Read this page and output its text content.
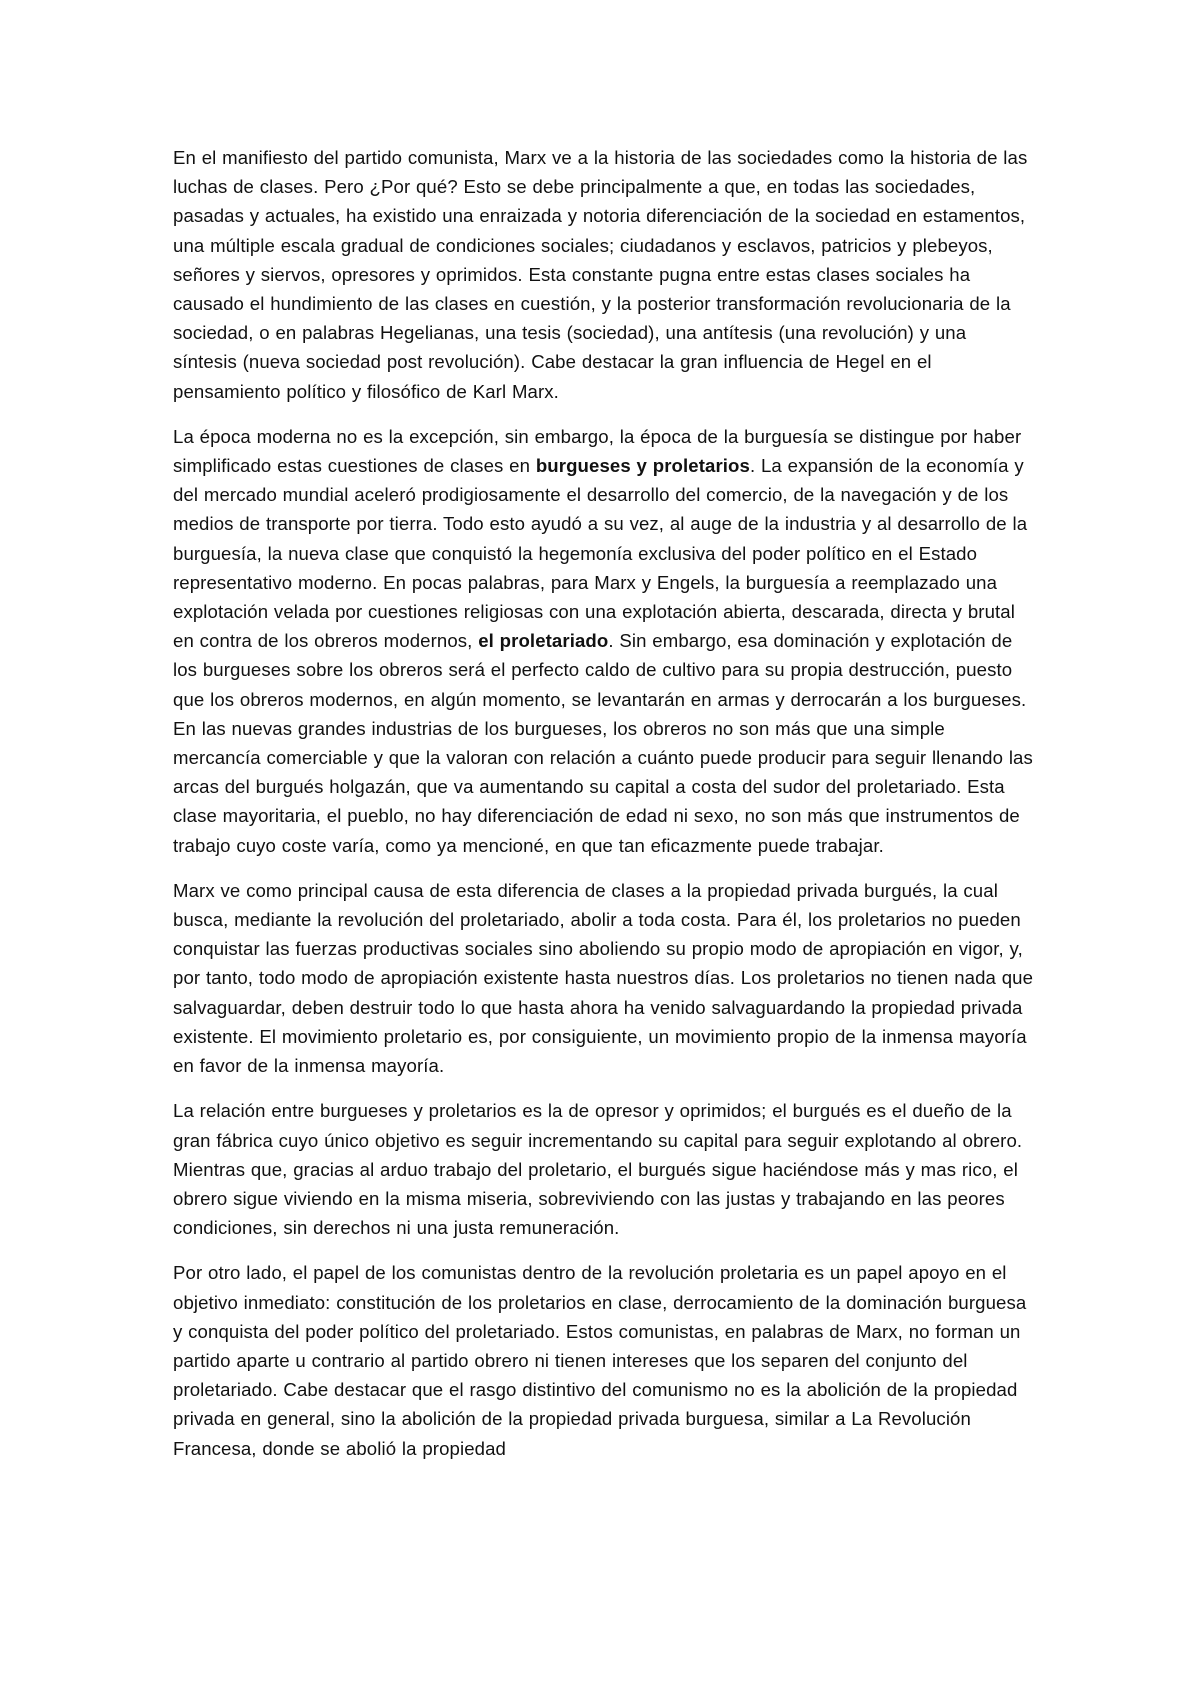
En el manifiesto del partido comunista, Marx ve a la historia de las sociedades como la historia de las luchas de clases. Pero ¿Por qué? Esto se debe principalmente a que, en todas las sociedades, pasadas y actuales, ha existido una enraizada y notoria diferenciación de la sociedad en estamentos, una múltiple escala gradual de condiciones sociales; ciudadanos y esclavos, patricios y plebeyos, señores y siervos, opresores y oprimidos. Esta constante pugna entre estas clases sociales ha causado el hundimiento de las clases en cuestión, y la posterior transformación revolucionaria de la sociedad, o en palabras Hegelianas, una tesis (sociedad), una antítesis (una revolución) y una síntesis (nueva sociedad post revolución). Cabe destacar la gran influencia de Hegel en el pensamiento político y filosófico de Karl Marx.

La época moderna no es la excepción, sin embargo, la época de la burguesía se distingue por haber simplificado estas cuestiones de clases en burgueses y proletarios. La expansión de la economía y del mercado mundial aceleró prodigiosamente el desarrollo del comercio, de la navegación y de los medios de transporte por tierra. Todo esto ayudó a su vez, al auge de la industria y al desarrollo de la burguesía, la nueva clase que conquistó la hegemonía exclusiva del poder político en el Estado representativo moderno. En pocas palabras, para Marx y Engels, la burguesía a reemplazado una explotación velada por cuestiones religiosas con una explotación abierta, descarada, directa y brutal en contra de los obreros modernos, el proletariado. Sin embargo, esa dominación y explotación de los burgueses sobre los obreros será el perfecto caldo de cultivo para su propia destrucción, puesto que los obreros modernos, en algún momento, se levantarán en armas y derrocarán a los burgueses. En las nuevas grandes industrias de los burgueses, los obreros no son más que una simple mercancía comerciable y que la valoran con relación a cuánto puede producir para seguir llenando las arcas del burgués holgazán, que va aumentando su capital a costa del sudor del proletariado. Esta clase mayoritaria, el pueblo, no hay diferenciación de edad ni sexo, no son más que instrumentos de trabajo cuyo coste varía, como ya mencioné, en que tan eficazmente puede trabajar.

Marx ve como principal causa de esta diferencia de clases a la propiedad privada burgués, la cual busca, mediante la revolución del proletariado, abolir a toda costa. Para él, los proletarios no pueden conquistar las fuerzas productivas sociales sino aboliendo su propio modo de apropiación en vigor, y, por tanto, todo modo de apropiación existente hasta nuestros días. Los proletarios no tienen nada que salvaguardar, deben destruir todo lo que hasta ahora ha venido salvaguardando la propiedad privada existente. El movimiento proletario es, por consiguiente, un movimiento propio de la inmensa mayoría en favor de la inmensa mayoría.

La relación entre burgueses y proletarios es la de opresor y oprimidos; el burgués es el dueño de la gran fábrica cuyo único objetivo es seguir incrementando su capital para seguir explotando al obrero. Mientras que, gracias al arduo trabajo del proletario, el burgués sigue haciéndose más y mas rico, el obrero sigue viviendo en la misma miseria, sobreviviendo con las justas y trabajando en las peores condiciones, sin derechos ni una justa remuneración.

Por otro lado, el papel de los comunistas dentro de la revolución proletaria es un papel apoyo en el objetivo inmediato: constitución de los proletarios en clase, derrocamiento de la dominación burguesa y conquista del poder político del proletariado. Estos comunistas, en palabras de Marx, no forman un partido aparte u contrario al partido obrero ni tienen intereses que los separen del conjunto del proletariado. Cabe destacar que el rasgo distintivo del comunismo no es la abolición de la propiedad privada en general, sino la abolición de la propiedad privada burguesa, similar a La Revolución Francesa, donde se abolió la propiedad
